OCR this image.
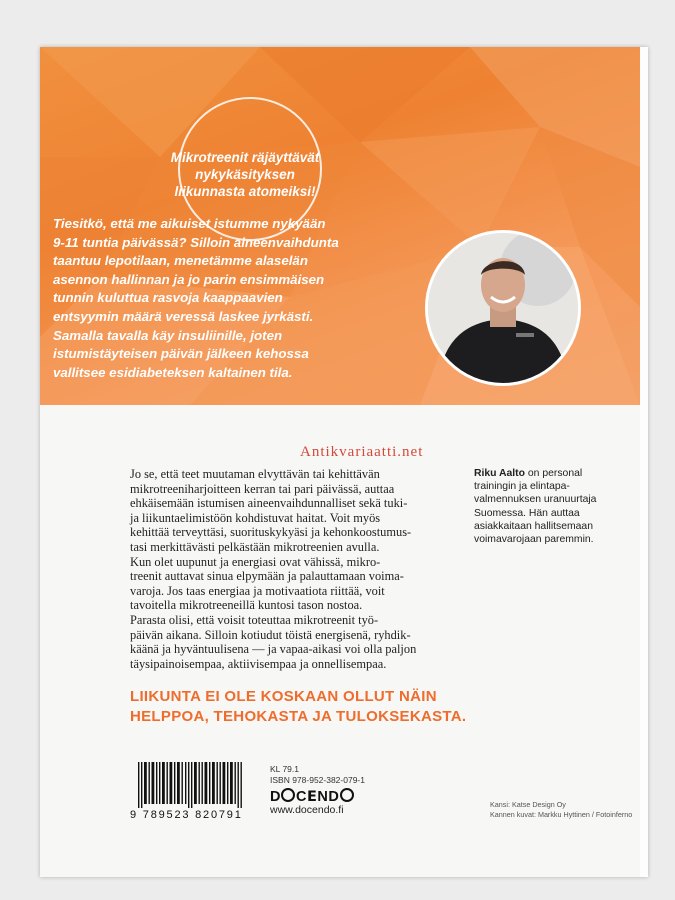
Mikrotreenit räjäyttävät
nykykäsityksen
liikunnasta atomeiksi!
Tiesitkö, että me aikuiset istumme nykyään
9-11 tuntia päivässä? Silloin aineenvaihdunta
taantuu lepotilaan, menetämme alaselän
asennon hallinnan ja jo parin ensimmäisen
tunnin kuluttua rasvoja kaappaavien
entsyymin määrä veressä laskee jyrkästi.
Samalla tavalla käy insuliinille, joten
istumistäyteisen päivän jälkeen kehossa
vallitsee esidiabeteksen kaltainen tila.
Antikvariaatti.net
Jo se, että teet muutaman elvyttävän tai kehittävän
mikrotreeniharjoitteen kerran tai pari päivässä, auttaa
ehkäisemään istumisen aineenvaihdunnalliset sekä tuki-
ja liikuntaelimistöön kohdistuvat haitat. Voit myös
kehittää terveyttäsi, suorituskykyäsi ja kehonkoostumus-
tasi merkittävästi pelkästään mikrotreenien avulla.
Kun olet uupunut ja energiasi ovat vähissä, mikro-
treenit auttavat sinua elpymään ja palauttamaan voima-
varoja. Jos taas energiaa ja motivaatiota riittää, voit
tavoitella mikrotreeneillä kuntosi tason nostoa.
Parasta olisi, että voisit toteuttaa mikrotreenit työ-
päivän aikana. Silloin kotiudut töistä energisenä, ryhdik-
käänä ja hyväntuulisena — ja vapaa-aikasi voi olla paljon
täysipainoisempaa, aktiivisempaa ja onnellisempaa.
Riku Aalto on personal
trainingin ja elintapa-
valmennuksen uranuurtaja
Suomessa. Hän auttaa
asiakkaitaan hallitsemaan
voimavarojaan paremmin.
LIIKUNTA EI OLE KOSKAAN OLLUT NÄIN
HELPPOA, TEHOKASTA JA TULOKSEKASTA.
9 789523 820791
KL 79.1
ISBN 978-952-382-079-1
D CEND
www.docendo.fi	Kansi: Katse Design Oy
Kannen kuvat: Markku Hyttinen / Fotoinferno
